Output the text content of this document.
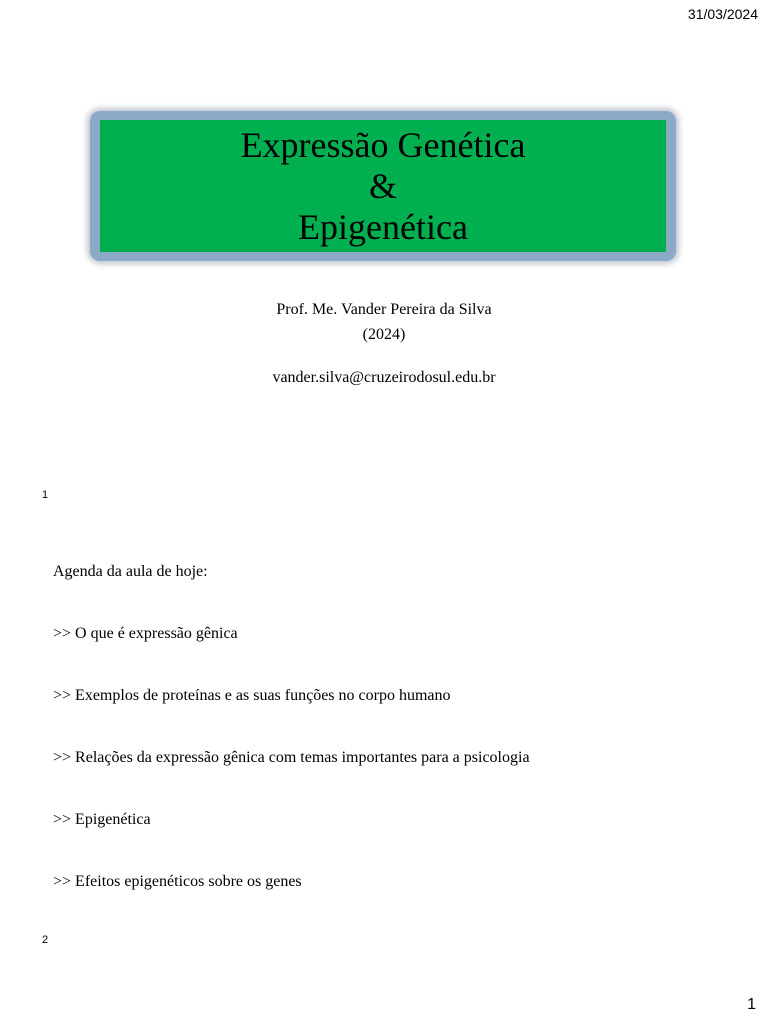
31/03/2024
Expressão Genética
&
Epigenética
Prof. Me. Vander Pereira da Silva
(2024)
vander.silva@cruzeirodosul.edu.br
1
Agenda da aula de hoje:
>> O que é expressão gênica
>> Exemplos de proteínas e as suas funções no corpo humano
>> Relações da expressão gênica com temas importantes para a psicologia
>> Epigenética
>> Efeitos epigenéticos sobre os genes
2
1
